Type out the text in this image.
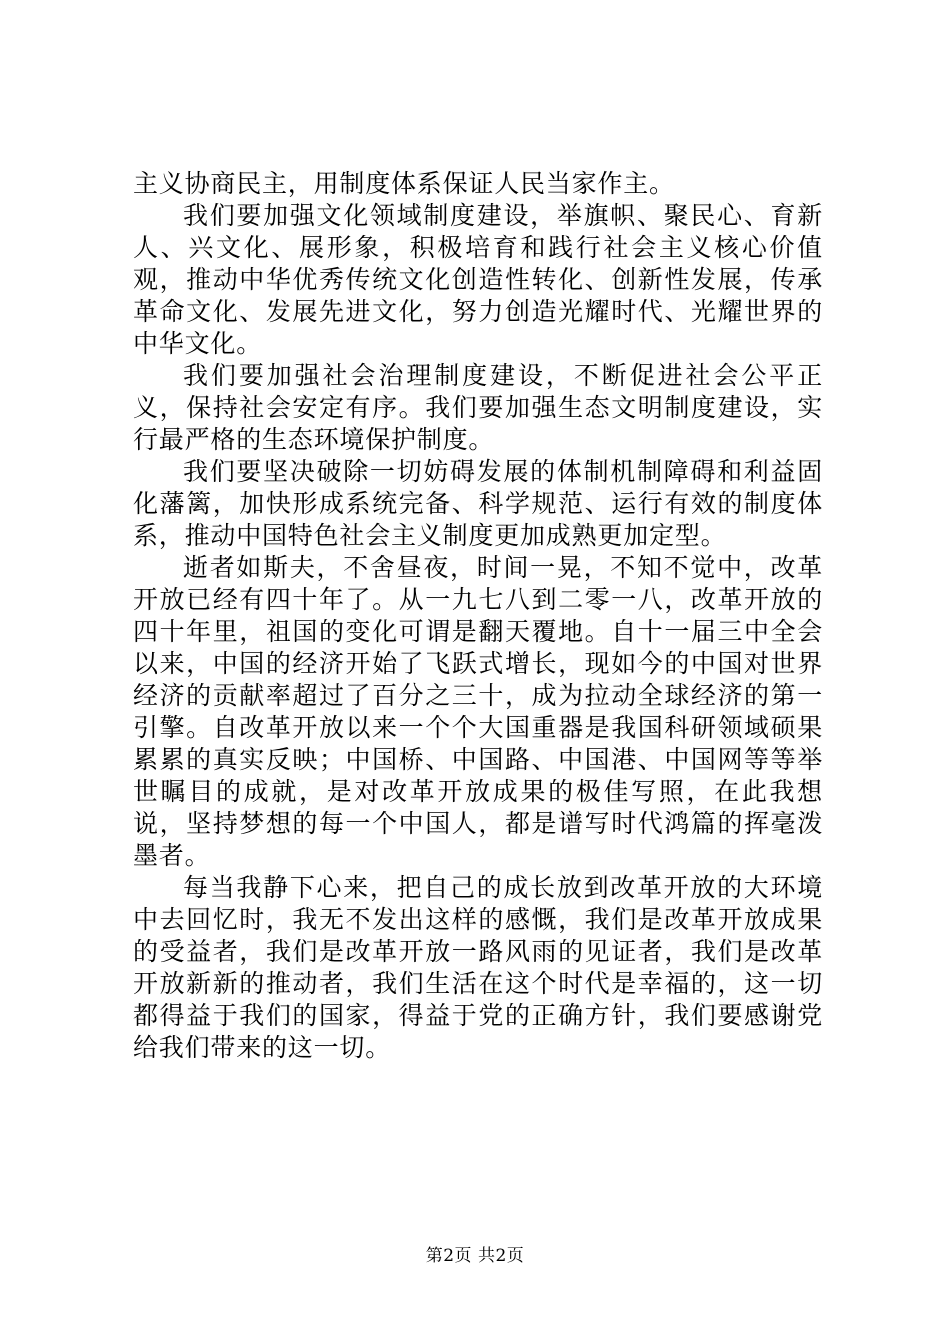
主义协商民主，用制度体系保证人民当家作主。

我们要加强文化领域制度建设，举旗帜、聚民心、育新人、兴文化、展形象，积极培育和践行社会主义核心价值观，推动中华优秀传统文化创造性转化、创新性发展，传承革命文化、发展先进文化，努力创造光耀时代、光耀世界的中华文化。

我们要加强社会治理制度建设，不断促进社会公平正义，保持社会安定有序。我们要加强生态文明制度建设，实行最严格的生态环境保护制度。

我们要坚决破除一切妨碍发展的体制机制障碍和利益固化藩篱，加快形成系统完备、科学规范、运行有效的制度体系，推动中国特色社会主义制度更加成熟更加定型。

逝者如斯夫，不舍昼夜，时间一晃，不知不觉中，改革开放已经有四十年了。从一九七八到二零一八，改革开放的四十年里，祖国的变化可谓是翻天覆地。自十一届三中全会以来，中国的经济开始了飞跃式增长，现如今的中国对世界经济的贡献率超过了百分之三十，成为拉动全球经济的第一引擎。自改革开放以来一个个大国重器是我国科研领域硕果累累的真实反映；中国桥、中国路、中国港、中国网等等举世瞩目的成就，是对改革开放成果的极佳写照，在此我想说，坚持梦想的每一个中国人，都是谱写时代鸿篇的挥毫泼墨者。

每当我静下心来，把自己的成长放到改革开放的大环境中去回忆时，我无不发出这样的感慨，我们是改革开放成果的受益者，我们是改革开放一路风雨的见证者，我们是改革开放新新的推动者，我们生活在这个时代是幸福的，这一切都得益于我们的国家，得益于党的正确方针，我们要感谢党给我们带来的这一切。

第2页 共2页
